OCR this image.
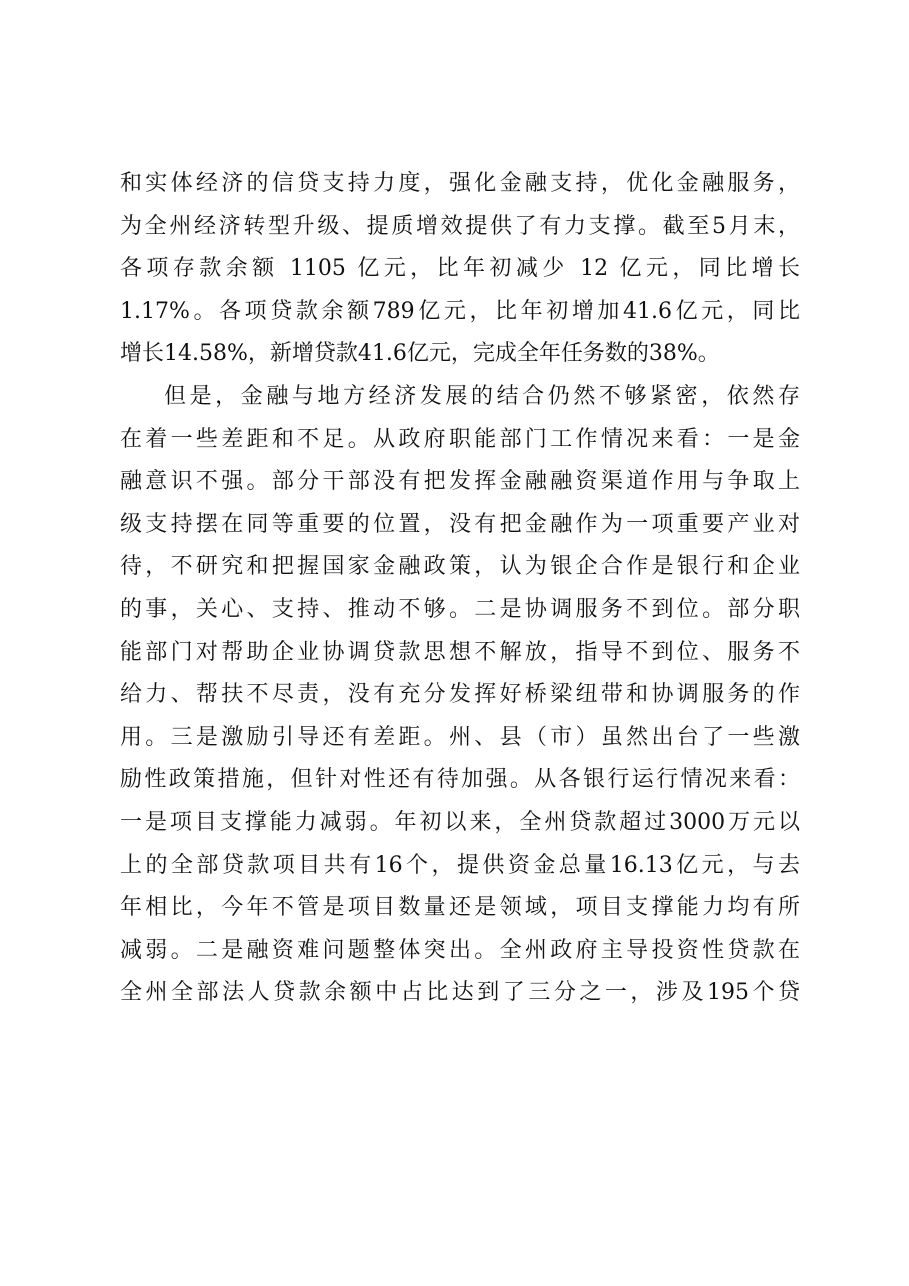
和实体经济的信贷支持力度，强化金融支持，优化金融服务，
为全州经济转型升级、提质增效提供了有力支撑。截至5月末，
各项存款余额 1105 亿元，比年初减少 12 亿元，同比增长
1.17%。各项贷款余额789亿元，比年初增加41.6亿元，同比
增长14.58%，新增贷款41.6亿元，完成全年任务数的38%。

但是，金融与地方经济发展的结合仍然不够紧密，依然存
在着一些差距和不足。从政府职能部门工作情况来看：一是金
融意识不强。部分干部没有把发挥金融融资渠道作用与争取上
级支持摆在同等重要的位置，没有把金融作为一项重要产业对
待，不研究和把握国家金融政策，认为银企合作是银行和企业
的事，关心、支持、推动不够。二是协调服务不到位。部分职
能部门对帮助企业协调贷款思想不解放，指导不到位、服务不
给力、帮扶不尽责，没有充分发挥好桥梁纽带和协调服务的作
用。三是激励引导还有差距。州、县（市）虽然出台了一些激
励性政策措施，但针对性还有待加强。从各银行运行情况来看：
一是项目支撑能力减弱。年初以来，全州贷款超过3000万元以
上的全部贷款项目共有16个，提供资金总量16.13亿元，与去
年相比，今年不管是项目数量还是领域，项目支撑能力均有所
减弱。二是融资难问题整体突出。全州政府主导投资性贷款在
全州全部法人贷款余额中占比达到了三分之一，涉及195个贷
